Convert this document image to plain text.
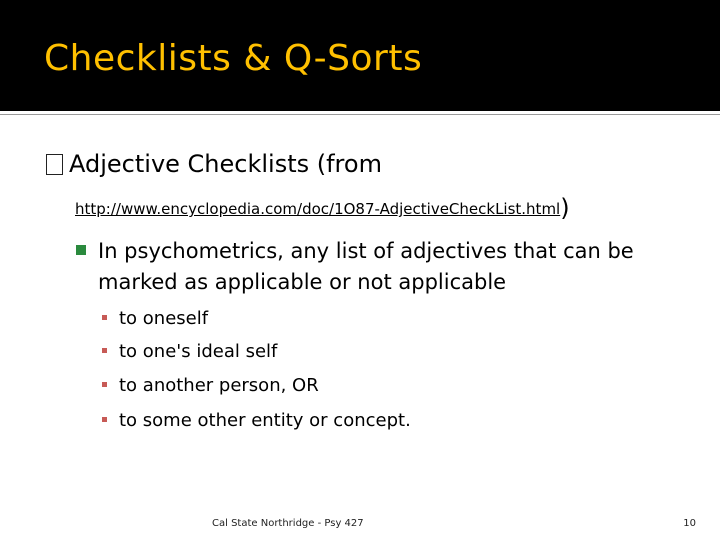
Checklists & Q-Sorts
Adjective Checklists (from
http://www.encyclopedia.com/doc/1O87-AdjectiveCheckList.html)
In psychometrics, any list of adjectives that can be marked as applicable or not applicable
to oneself
to one's ideal self
to another person, OR
to some other entity or concept.
Cal State Northridge - Psy 427	10
